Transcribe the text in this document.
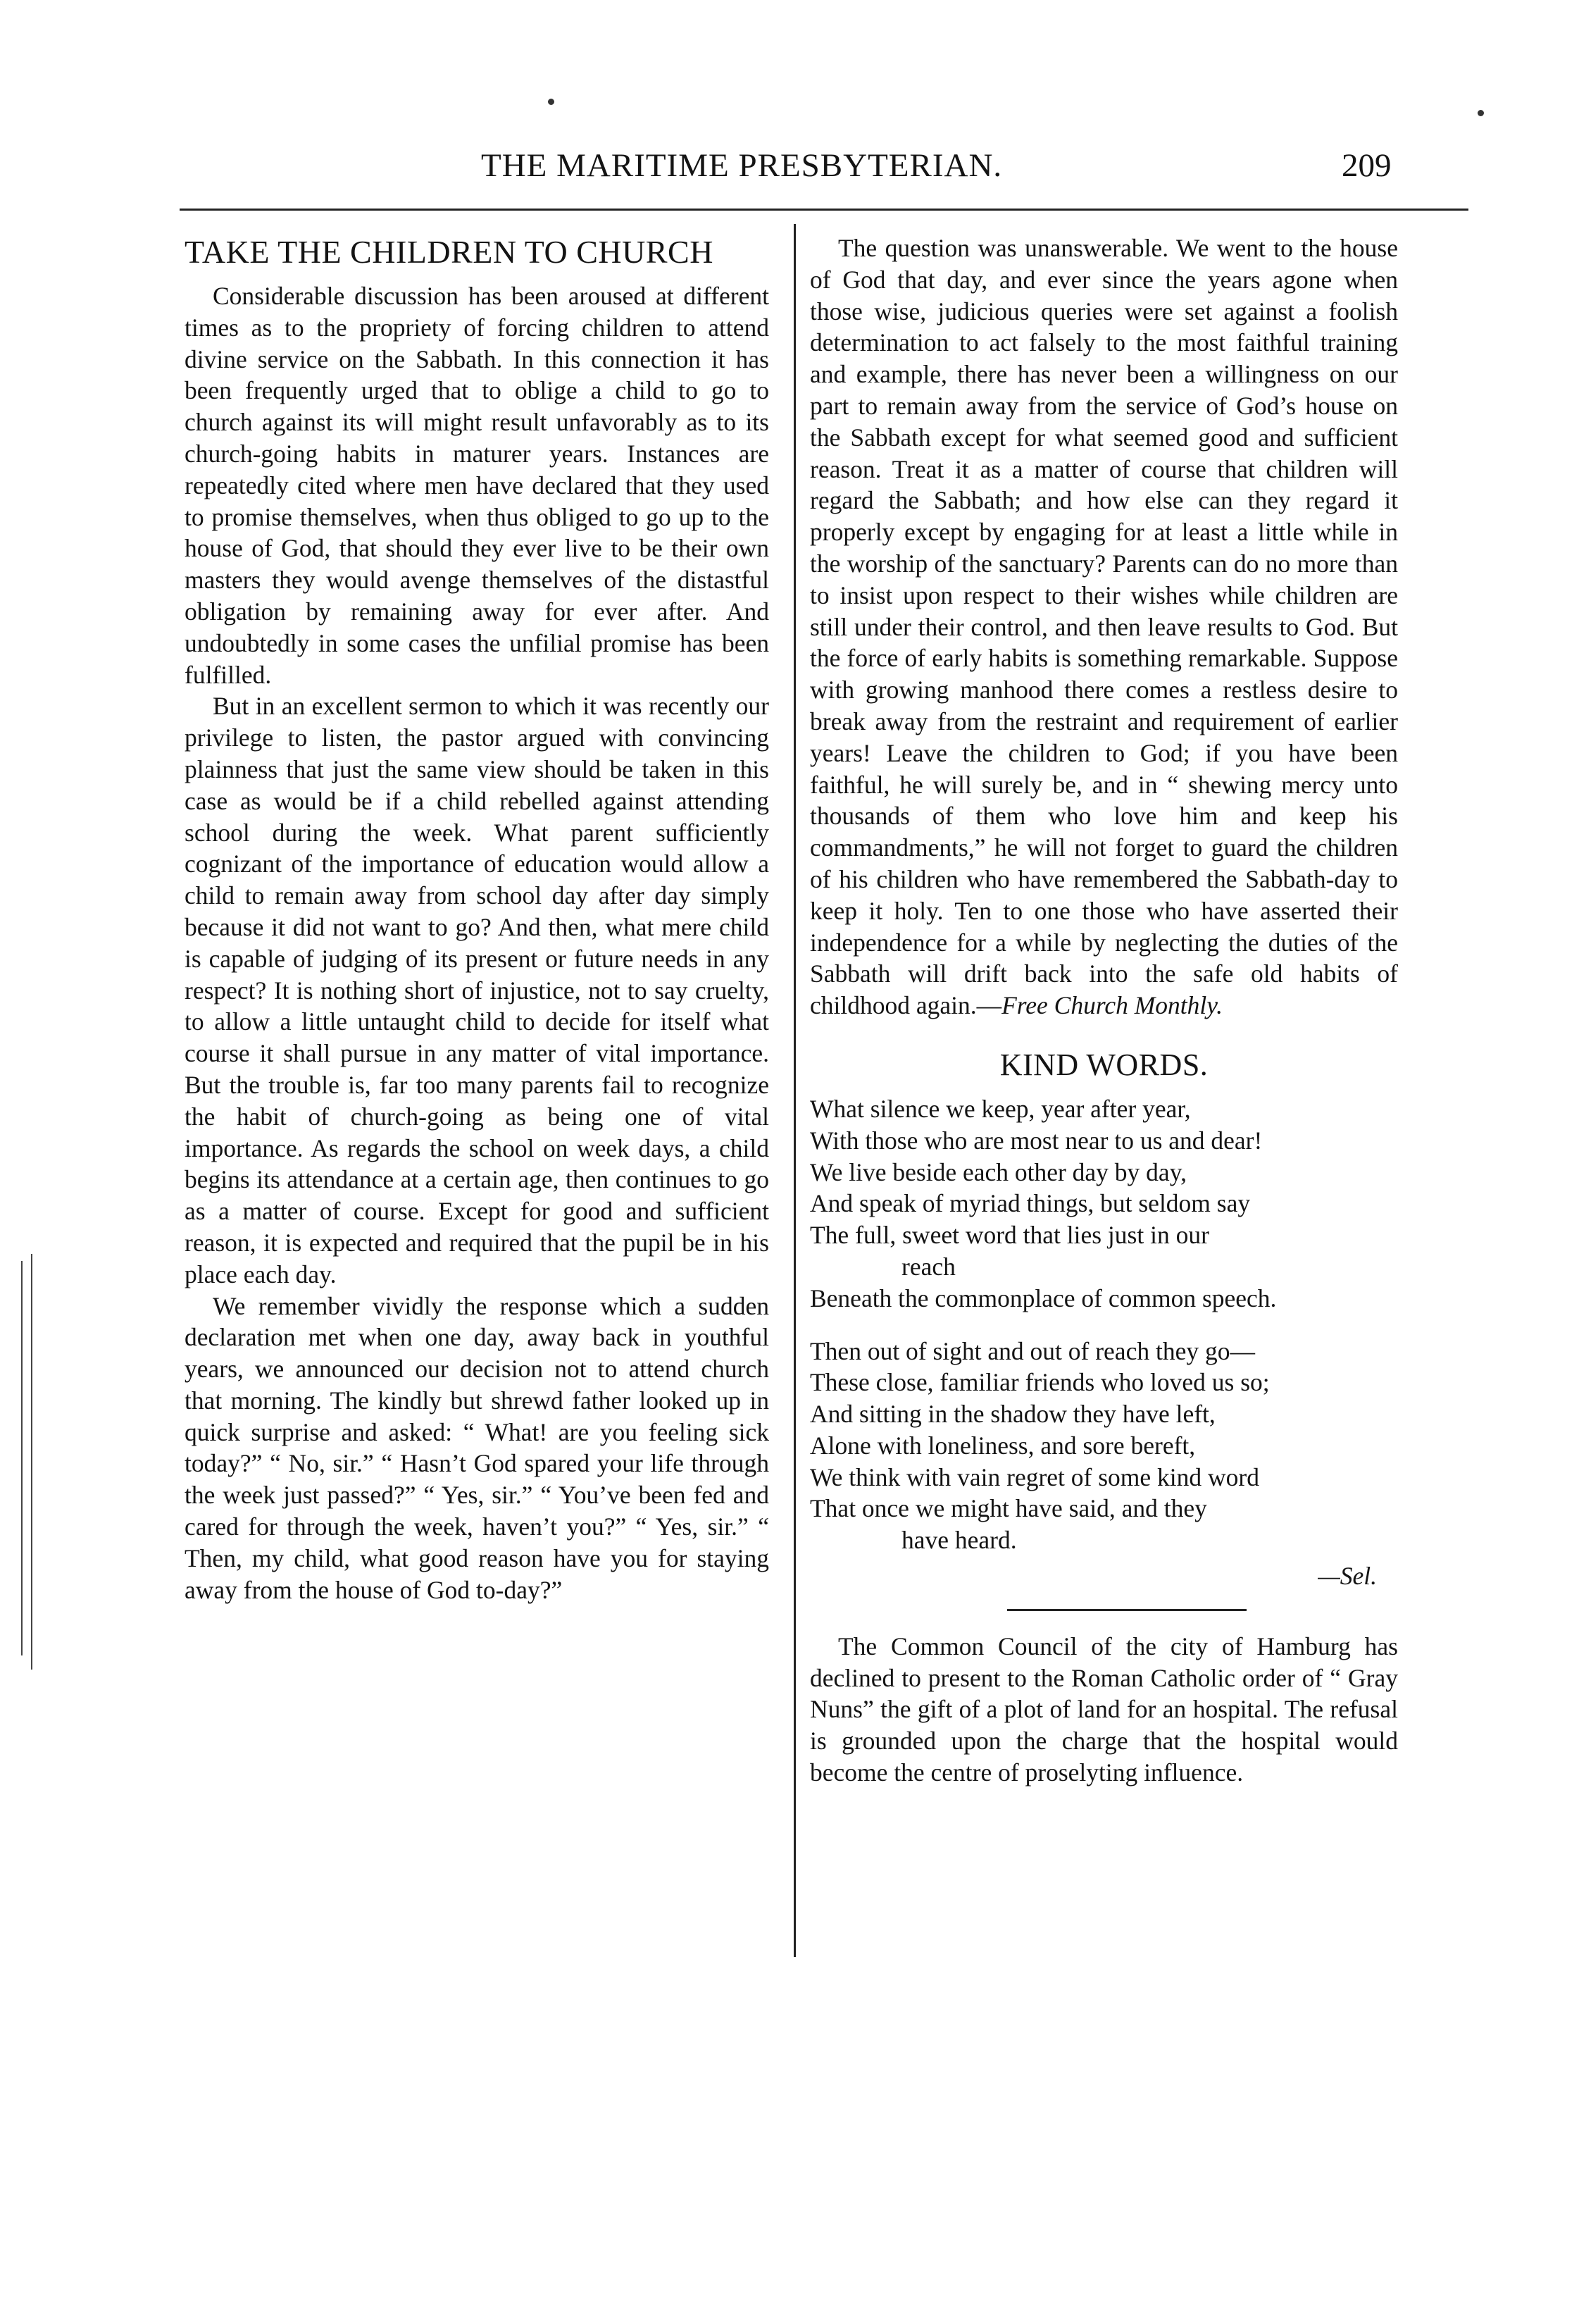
THE MARITIME PRESBYTERIAN.	209
TAKE THE CHILDREN TO CHURCH

Considerable discussion has been aroused at different times as to the propriety of forcing children to attend divine service on the Sabbath. In this connection it has been frequently urged that to oblige a child to go to church against its will might result unfavorably as to its church-going habits in maturer years. Instances are repeatedly cited where men have declared that they used to promise themselves, when thus obliged to go up to the house of God, that should they ever live to be their own masters they would avenge themselves of the distastful obligation by remaining away for ever after. And undoubtedly in some cases the unfilial promise has been fulfilled.

But in an excellent sermon to which it was recently our privilege to listen, the pastor argued with convincing plainness that just the same view should be taken in this case as would be if a child rebelled against attending school during the week. What parent sufficiently cognizant of the importance of education would allow a child to remain away from school day after day simply because it did not want to go? And then, what mere child is capable of judging of its present or future needs in any respect? It is nothing short of injustice, not to say cruelty, to allow a little untaught child to decide for itself what course it shall pursue in any matter of vital importance. But the trouble is, far too many parents fail to recognize the habit of church-going as being one of vital importance. As regards the school on week days, a child begins its attendance at a certain age, then continues to go as a matter of course. Except for good and sufficient reason, it is expected and required that the pupil be in his place each day.

We remember vividly the response which a sudden declaration met when one day, away back in youthful years, we announced our decision not to attend church that morning. The kindly but shrewd father looked up in quick surprise and asked: “ What! are you feeling sick today?” “ No, sir.” “ Hasn’t God spared your life through the week just passed?” “ Yes, sir.” “ You’ve been fed and cared for through the week, haven’t you?” “ Yes, sir.” “ Then, my child, what good reason have you for staying away from the house of God to-day?”

The question was unanswerable. We went to the house of God that day, and ever since the years agone when those wise, judicious queries were set against a foolish determination to act falsely to the most faithful training and example, there has never been a willingness on our part to remain away from the service of God’s house on the Sabbath except for what seemed good and sufficient reason. Treat it as a matter of course that children will regard the Sabbath; and how else can they regard it properly except by engaging for at least a little while in the worship of the sanctuary? Parents can do no more than to insist upon respect to their wishes while children are still under their control, and then leave results to God. But the force of early habits is something remarkable. Suppose with growing manhood there comes a restless desire to break away from the restraint and requirement of earlier years! Leave the children to God; if you have been faithful, he will surely be, and in “ shewing mercy unto thousands of them who love him and keep his commandments,” he will not forget to guard the children of his children who have remembered the Sabbath-day to keep it holy. Ten to one those who have asserted their independence for a while by neglecting the duties of the Sabbath will drift back into the safe old habits of childhood again.—Free Church Monthly.

KIND WORDS.
What silence we keep, year after year,
With those who are most near to us and dear!
We live beside each other day by day,
And speak of myriad things, but seldom say
The full, sweet word that lies just in our
reach
Beneath the commonplace of common speech.
Then out of sight and out of reach they go—
These close, familiar friends who loved us so;
And sitting in the shadow they have left,
Alone with loneliness, and sore bereft,
We think with vain regret of some kind word
That once we might have said, and they
have heard.
—Sel.

The Common Council of the city of Hamburg has declined to present to the Roman Catholic order of “ Gray Nuns” the gift of a plot of land for an hospital. The refusal is grounded upon the charge that the hospital would become the centre of proselyting influence.
